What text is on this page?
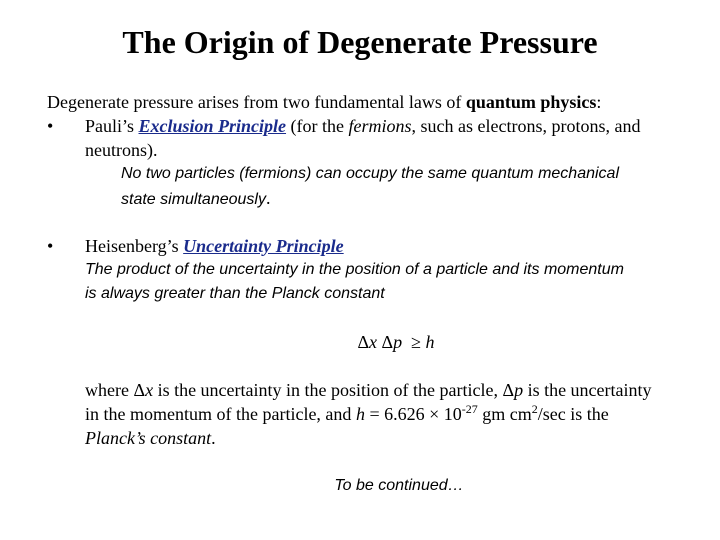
The Origin of Degenerate Pressure
Degenerate pressure arises from two fundamental laws of quantum physics:
• Pauli’s Exclusion Principle (for the fermions, such as electrons, protons, and
neutrons).
No two particles (fermions) can occupy the same quantum mechanical
state simultaneously.
• Heisenberg’s Uncertainty Principle
The product of the uncertainty in the position of a particle and its momentum
is always greater than the Planck constant
Δx Δp ≥ h
where Δx is the uncertainty in the position of the particle, Δp is the uncertainty
in the momentum of the particle, and $h = 6.626 \times 10^{-27}$ gm $cm^2/\sec$ is the
Planck’s constant.
To be continued…
